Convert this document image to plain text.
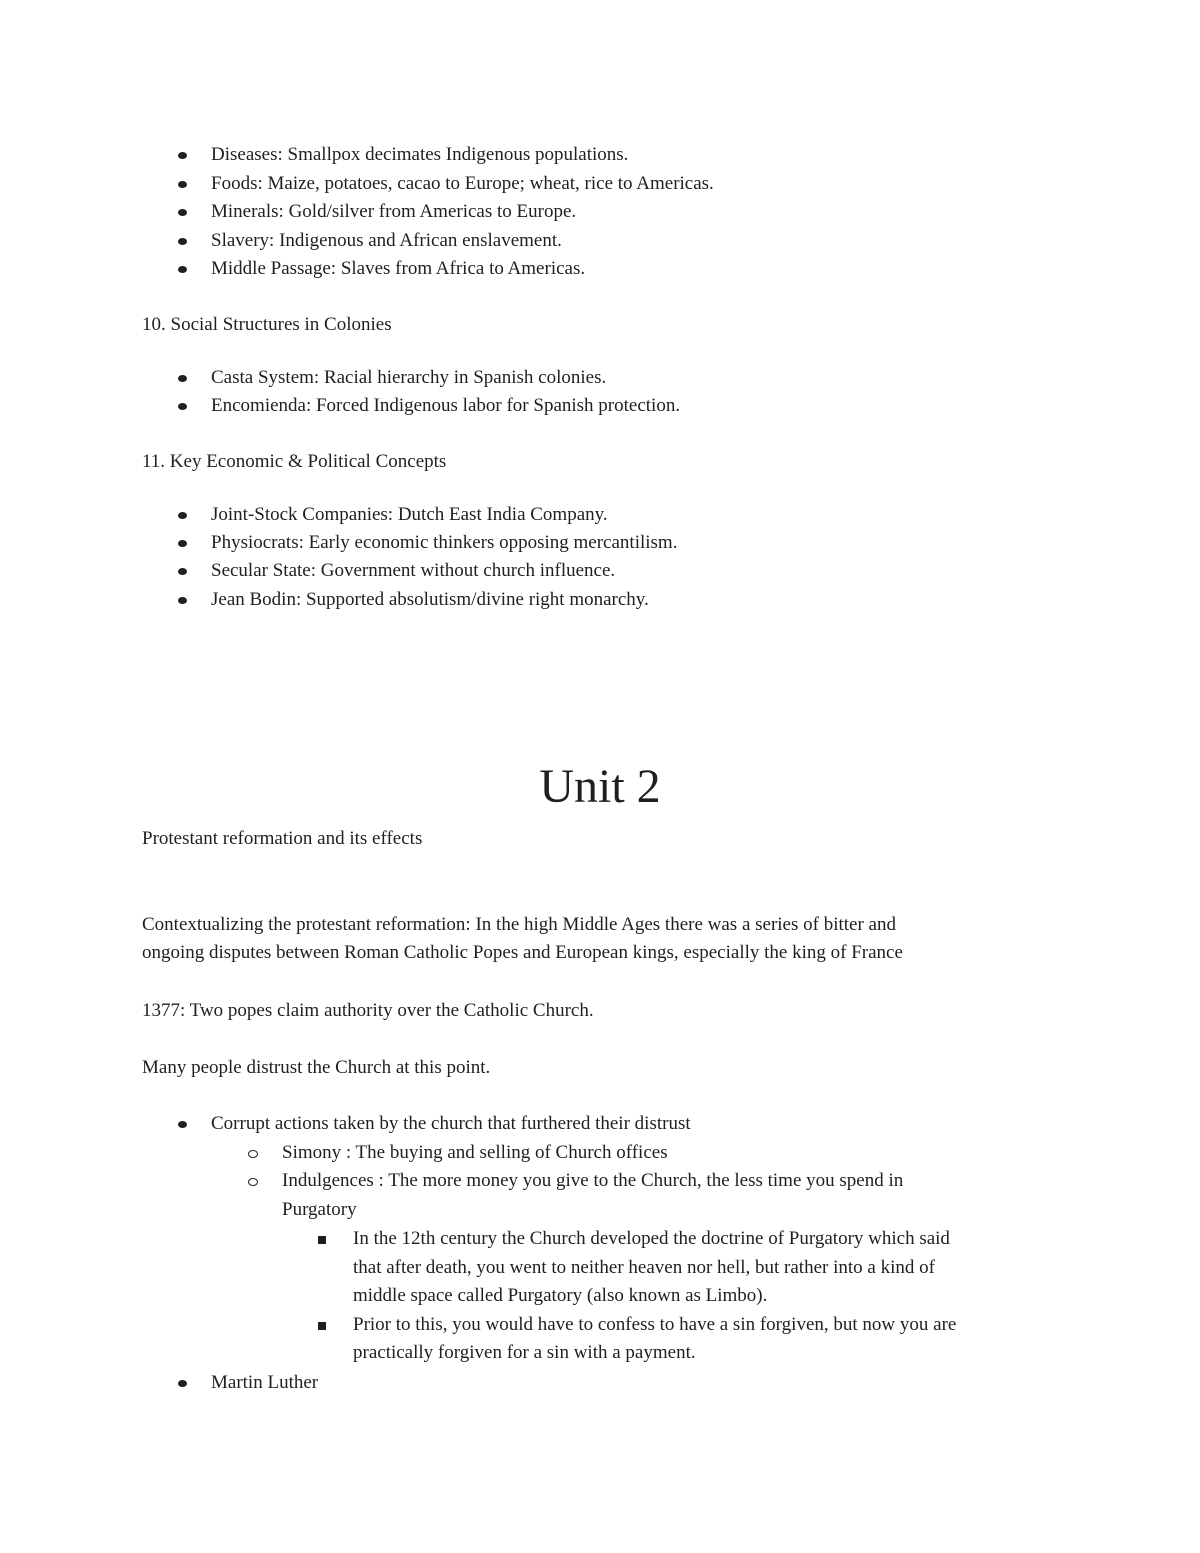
Diseases: Smallpox decimates Indigenous populations.
Foods: Maize, potatoes, cacao to Europe; wheat, rice to Americas.
Minerals: Gold/silver from Americas to Europe.
Slavery: Indigenous and African enslavement.
Middle Passage: Slaves from Africa to Americas.
10. Social Structures in Colonies
Casta System: Racial hierarchy in Spanish colonies.
Encomienda: Forced Indigenous labor for Spanish protection.
11. Key Economic & Political Concepts
Joint-Stock Companies: Dutch East India Company.
Physiocrats: Early economic thinkers opposing mercantilism.
Secular State: Government without church influence.
Jean Bodin: Supported absolutism/divine right monarchy.
Unit 2
Protestant reformation and its effects
Contextualizing the protestant reformation: In the high Middle Ages there was a series of bitter and
ongoing disputes between Roman Catholic Popes and European kings, especially the king of France
1377: Two popes claim authority over the Catholic Church.
Many people distrust the Church at this point.
Corrupt actions taken by the church that furthered their distrust
Simony : The buying and selling of Church offices
Indulgences : The more money you give to the Church, the less time you spend in
Purgatory
In the 12th century the Church developed the doctrine of Purgatory which said
that after death, you went to neither heaven nor hell, but rather into a kind of
middle space called Purgatory (also known as Limbo).
Prior to this, you would have to confess to have a sin forgiven, but now you are
practically forgiven for a sin with a payment.
Martin Luther
